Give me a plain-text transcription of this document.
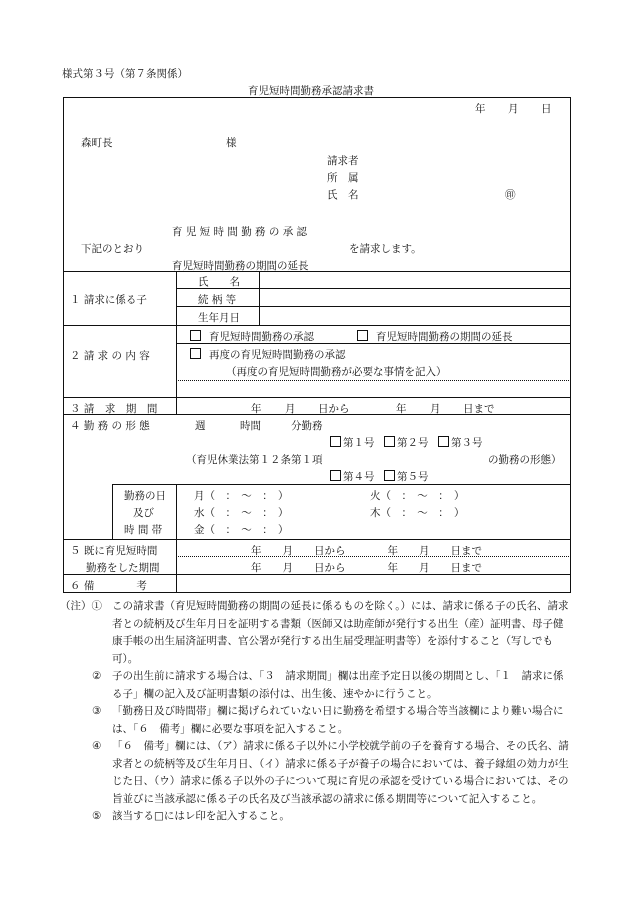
様式第３号（第７条関係）
育児短時間勤務承認請求書
年 月 日
森町長	様
請求者
所　属
氏　名	㊞
育 児 短 時 間 勤 務 の 承 認
下記のとおり	を請求します。
育児短時間勤務の期間の延長
１ 請求に係る子
氏　　名
続 柄 等
生年月日
２ 請 求 の 内 容
育児短時間勤務の承認	育児短時間勤務の期間の延長
再度の育児短時間勤務の承認
（再度の育児短時間勤務が必要な事情を記入）
３ 請　求　期　間	年 月 日から	年 月 日まで
４ 勤 務 の 形 態	週	時間	分勤務
第１号	第２号	第３号
（育児休業法第１２条第１項	の勤務の形態）
第４号	第５号
勤務の日
及び
時 間 帯
月（　：　〜　：　）	火（　：　〜　：　）
水（　：　〜　：　）	木（　：　〜　：　）
金（　：　〜　：　）
５ 既に育児短時間
勤務をした期間
年　　月　　日から　　　　年　　月　　日まで
年　　月　　日から　　　　年　　月　　日まで
６ 備　　　　考

（注）① この請求書（育児短時間勤務の期間の延長に係るものを除く。）には、請求に係る子の氏名、請求者との続柄及び生年月日を証明する書類（医師又は助産師が発行する出生（産）証明書、母子健康手帳の出生届済証明書、官公署が発行する出生届受理証明書等）を添付すること（写しでも可）。

② 子の出生前に請求する場合は、「３　請求期間」欄は出産予定日以後の期間とし、「１　請求に係る子」欄の記入及び証明書類の添付は、出生後、速やかに行うこと。

③ 「勤務日及び時間帯」欄に掲げられていない日に勤務を希望する場合等当該欄により難い場合には、「６　備考」欄に必要な事項を記入すること。

④ 「６　備考」欄には、（ア）請求に係る子以外に小学校就学前の子を養育する場合、その氏名、請求者との続柄等及び生年月日、（イ）請求に係る子が養子の場合においては、養子縁組の効力が生じた日、（ウ）請求に係る子以外の子について現に育児の承認を受けている場合においては、その旨並びに当該承認に係る子の氏名及び当該承認の請求に係る期間等について記入すること。

⑤ 該当する□にはレ印を記入すること。
